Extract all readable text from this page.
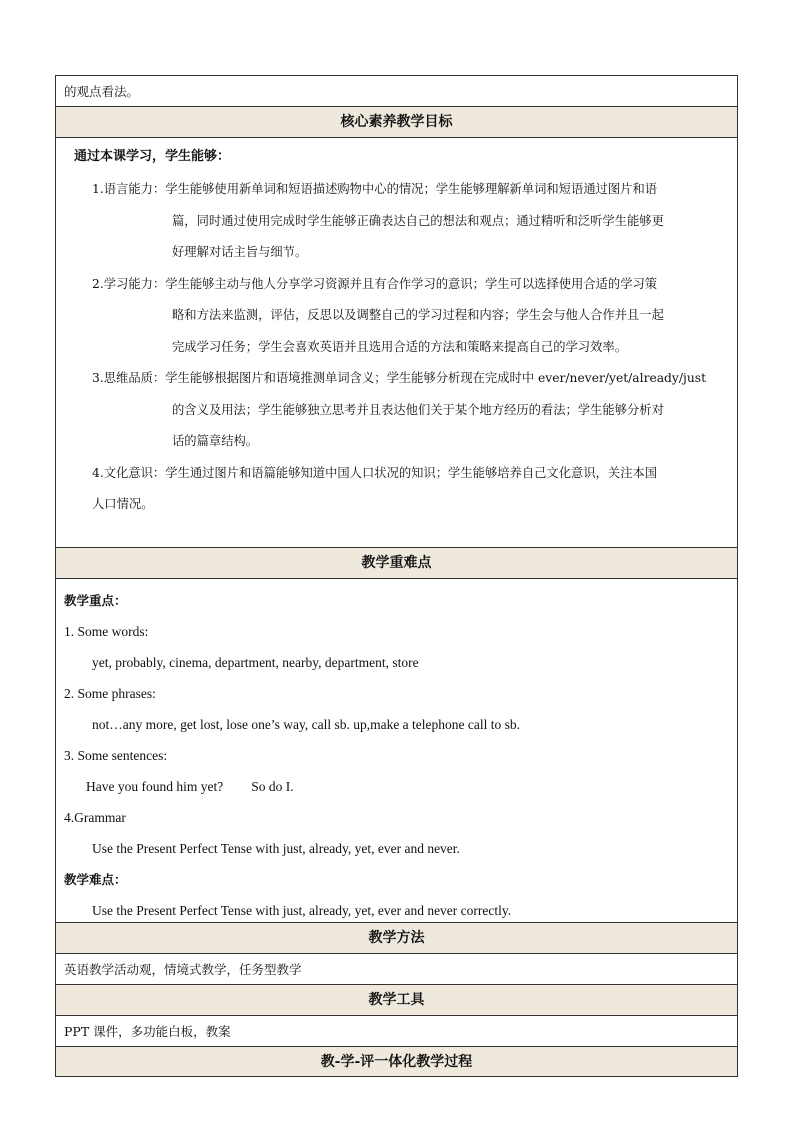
的观点看法。
核心素养教学目标
通过本课学习，学生能够：
1.语言能力：学生能够使用新单词和短语描述购物中心的情况；学生能够理解新单词和短语通过图片和语
篇，同时通过使用完成时学生能够正确表达自己的想法和观点；通过精听和泛听学生能够更
好理解对话主旨与细节。
2.学习能力：学生能够主动与他人分享学习资源并且有合作学习的意识；学生可以选择使用合适的学习策
略和方法来监测，评估，反思以及调整自己的学习过程和内容；学生会与他人合作并且一起
完成学习任务；学生会喜欢英语并且选用合适的方法和策略来提高自己的学习效率。
3.思维品质：学生能够根据图片和语境推测单词含义；学生能够分析现在完成时中 ever/never/yet/already/just
的含义及用法；学生能够独立思考并且表达他们关于某个地方经历的看法；学生能够分析对
话的篇章结构。
4.文化意识：学生通过图片和语篇能够知道中国人口状况的知识；学生能够培养自己文化意识，关注本国
人口情况。
教学重难点
教学重点：
1. Some words:
yet, probably, cinema, department, nearby, department, store
2. Some phrases:
not…any more, get lost, lose one’s way, call sb. up,make a telephone call to sb.
3. Some sentences:
Have you found him yet? So do I.
4.Grammar
Use the Present Perfect Tense with just, already, yet, ever and never.
教学难点：
Use the Present Perfect Tense with just, already, yet, ever and never correctly.
教学方法
英语教学活动观，情境式教学，任务型教学
教学工具
PPT 课件，多功能白板，教案
教-学-评一体化教学过程
